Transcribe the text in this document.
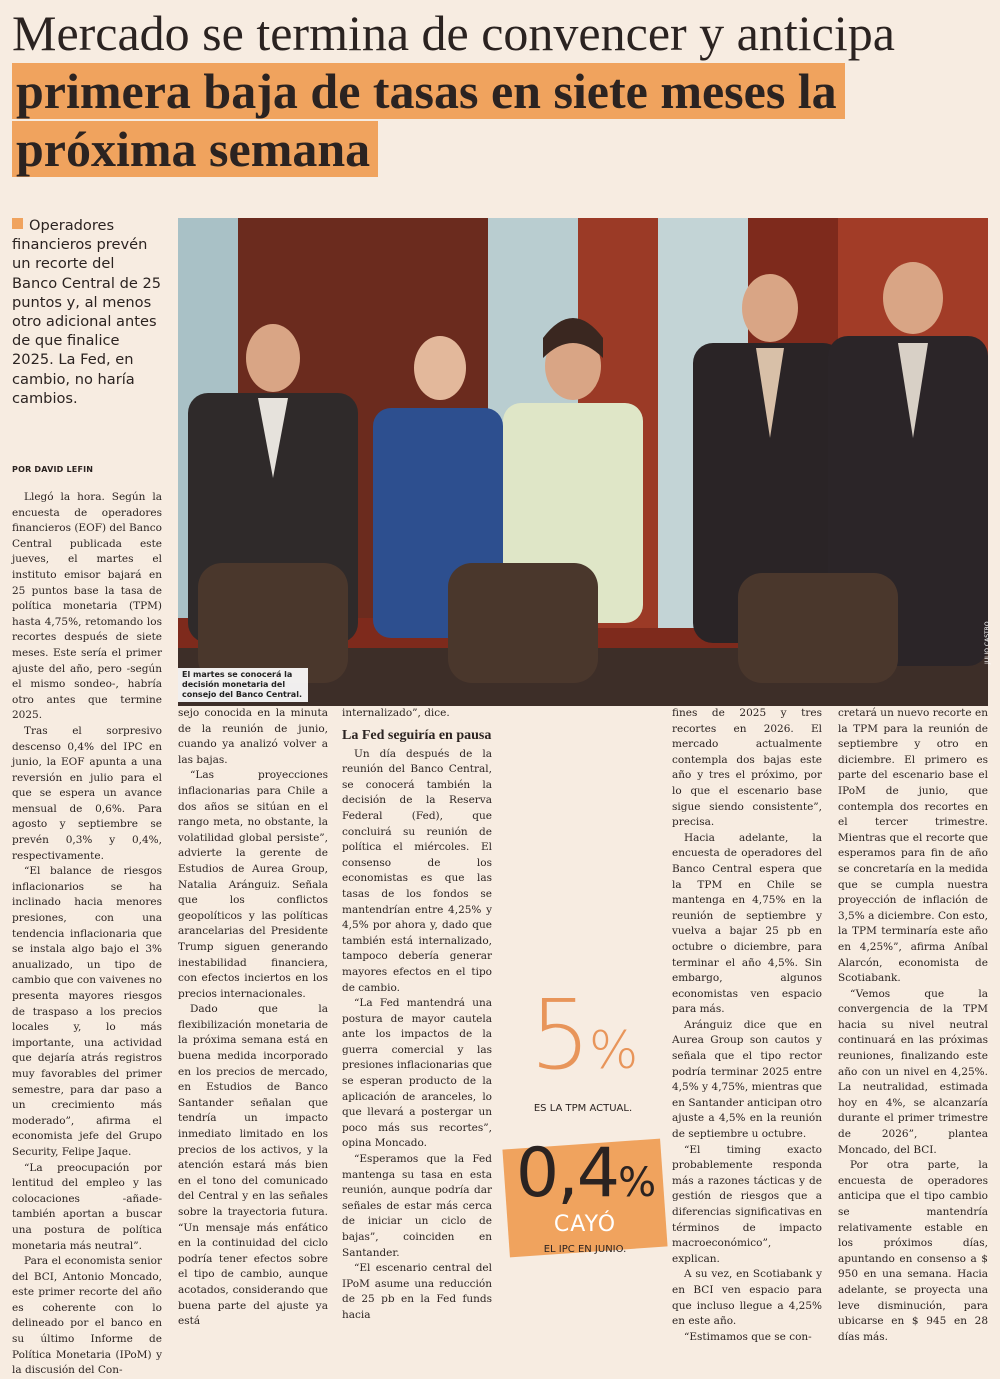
Mercado se termina de convencer y anticipa primera baja de tasas en siete meses la próxima semana
Operadores financieros prevén un recorte del Banco Central de 25 puntos y, al menos otro adicional antes de que finalice 2025. La Fed, en cambio, no haría cambios.
POR DAVID LEFIN
El martes se conocerá la decisión monetaria del consejo del Banco Central.
JULIO CASTRO

Llegó la hora. Según la encuesta de operadores financieros (EOF) del Banco Central publicada este jueves, el martes el instituto emisor bajará en 25 puntos base la tasa de política monetaria (TPM) hasta 4,75%, retomando los recortes después de siete meses. Este sería el primer ajuste del año, pero -según el mismo sondeo-, habría otro antes que termine 2025.

Tras el sorpresivo descenso 0,4% del IPC en junio, la EOF apunta a una reversión en julio para el que se espera un avance mensual de 0,6%. Para agosto y septiembre se prevén 0,3% y 0,4%, respectivamente.

“El balance de riesgos inflacionarios se ha inclinado hacia menores presiones, con una tendencia inflacionaria que se instala algo bajo el 3% anualizado, un tipo de cambio que con vaivenes no presenta mayores riesgos de traspaso a los precios locales y, lo más importante, una actividad que dejaría atrás registros muy favorables del primer semestre, para dar paso a un crecimiento más moderado”, afirma el economista jefe del Grupo Security, Felipe Jaque.

“La preocupación por lentitud del empleo y las colocaciones -añade- también aportan a buscar una postura de política monetaria más neutral”.

Para el economista senior del BCI, Antonio Moncado, este primer recorte del año es coherente con lo delineado por el banco en su último Informe de Política Monetaria (IPoM) y la discusión del Con-

sejo conocida en la minuta de la reunión de junio, cuando ya analizó volver a las bajas.

“Las proyecciones inflacionarias para Chile a dos años se sitúan en el rango meta, no obstante, la volatilidad global persiste”, advierte la gerente de Estudios de Aurea Group, Natalia Aránguiz. Señala que los conflictos geopolíticos y las políticas arancelarias del Presidente Trump siguen generando inestabilidad financiera, con efectos inciertos en los precios internacionales.

Dado que la flexibilización monetaria de la próxima semana está en buena medida incorporado en los precios de mercado, en Estudios de Banco Santander señalan que tendría un impacto inmediato limitado en los precios de los activos, y la atención estará más bien en el tono del comunicado del Central y en las señales sobre la trayectoria futura. “Un mensaje más enfático en la continuidad del ciclo podría tener efectos sobre el tipo de cambio, aunque acotados, considerando que buena parte del ajuste ya está

internalizado”, dice.

La Fed seguiría en pausa

Un día después de la reunión del Banco Central, se conocerá también la decisión de la Reserva Federal (Fed), que concluirá su reunión de política el miércoles. El consenso de los economistas es que las tasas de los fondos se mantendrían entre 4,25% y 4,5% por ahora y, dado que también está internalizado, tampoco debería generar mayores efectos en el tipo de cambio.

“La Fed mantendrá una postura de mayor cautela ante los impactos de la guerra comercial y las presiones inflacionarias que se esperan producto de la aplicación de aranceles, lo que llevará a postergar un poco más sus recortes”, opina Moncado.

“Esperamos que la Fed mantenga su tasa en esta reunión, aunque podría dar señales de estar más cerca de iniciar un ciclo de bajas”, coinciden en Santander.

“El escenario central del IPoM asume una reducción de 25 pb en la Fed funds hacia

5%
ES LA TPM ACTUAL.
0,4%
CAYÓ
EL IPC EN JUNIO.

fines de 2025 y tres recortes en 2026. El mercado actualmente contempla dos bajas este año y tres el próximo, por lo que el escenario base sigue siendo consistente”, precisa.

Hacia adelante, la encuesta de operadores del Banco Central espera que la TPM en Chile se mantenga en 4,75% en la reunión de septiembre y vuelva a bajar 25 pb en octubre o diciembre, para terminar el año 4,5%. Sin embargo, algunos economistas ven espacio para más.

Aránguiz dice que en Aurea Group son cautos y señala que el tipo rector podría terminar 2025 entre 4,5% y 4,75%, mientras que en Santander anticipan otro ajuste a 4,5% en la reunión de septiembre u octubre.

“El timing exacto probablemente responda más a razones tácticas y de gestión de riesgos que a diferencias significativas en términos de impacto macroeconómico”, explican.

A su vez, en Scotiabank y en BCI ven espacio para que incluso llegue a 4,25% en este año.

“Estimamos que se con-

cretará un nuevo recorte en la TPM para la reunión de septiembre y otro en diciembre. El primero es parte del escenario base el IPoM de junio, que contempla dos recortes en el tercer trimestre. Mientras que el recorte que esperamos para fin de año se concretaría en la medida que se cumpla nuestra proyección de inflación de 3,5% a diciembre. Con esto, la TPM terminaría este año en 4,25%”, afirma Aníbal Alarcón, economista de Scotiabank.

“Vemos que la convergencia de la TPM hacia su nivel neutral continuará en las próximas reuniones, finalizando este año con un nivel en 4,25%. La neutralidad, estimada hoy en 4%, se alcanzaría durante el primer trimestre de 2026”, plantea Moncado, del BCI.

Por otra parte, la encuesta de operadores anticipa que el tipo cambio se mantendría relativamente estable en los próximos días, apuntando en consenso a $ 950 en una semana. Hacia adelante, se proyecta una leve disminución, para ubicarse en $ 945 en 28 días más.
